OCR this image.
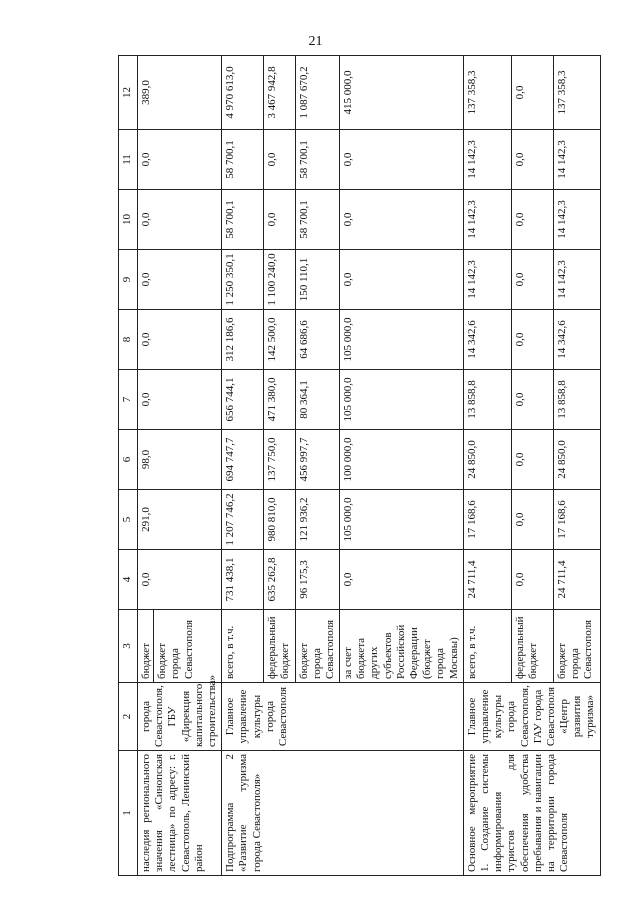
21
1	2	3	4	5	6	7	8	9	10	11	12
наследия регионального значения «Синопская лестница» по адресу: г. Севастополь, Ленинский район	города Севастополя, ГБУ «Дирекция капитального строительства»	бюджет бюджет города Севастополя	0,0	291,0	98,0	0,0	0,0	0,0	0,0	0,0	389,0
Подпрограмма 2 «Развитие туризма города Севастополя»	Главное управление культуры города Севастополя	всего, в т.ч.	731 438,1	1 207 746,2	694 747,7	656 744,1	312 186,6	1 250 350,1	58 700,1	58 700,1	4 970 613,0
		федеральный бюджет	635 262,8	980 810,0	137 750,0	471 380,0	142 500,0	1 100 240,0	0,0	0,0	3 467 942,8
		бюджет города Севастополя	96 175,3	121 936,2	456 997,7	80 364,1	64 686,6	150 110,1	58 700,1	58 700,1	1 087 670,2
		за счет бюджета других субъектов Российской Федерации (бюджет города Москвы)	0,0	105 000,0	100 000,0	105 000,0	105 000,0	0,0	0,0	0,0	415 000,0
Основное мероприятие 1. Создание системы информирования туристов для обеспечения удобства пребывания и навигации на территории города Севастополя	Главное управление культуры города Севастополя, ГАУ города Севастополя «Центр развития туризма»	всего, в т.ч.	24 711,4	17 168,6	24 850,0	13 858,8	14 342,6	14 142,3	14 142,3	14 142,3	137 358,3
		федеральный бюджет	0,0	0,0	0,0	0,0	0,0	0,0	0,0	0,0	0,0
		бюджет города Севастополя	24 711,4	17 168,6	24 850,0	13 858,8	14 342,6	14 142,3	14 142,3	14 142,3	137 358,3
